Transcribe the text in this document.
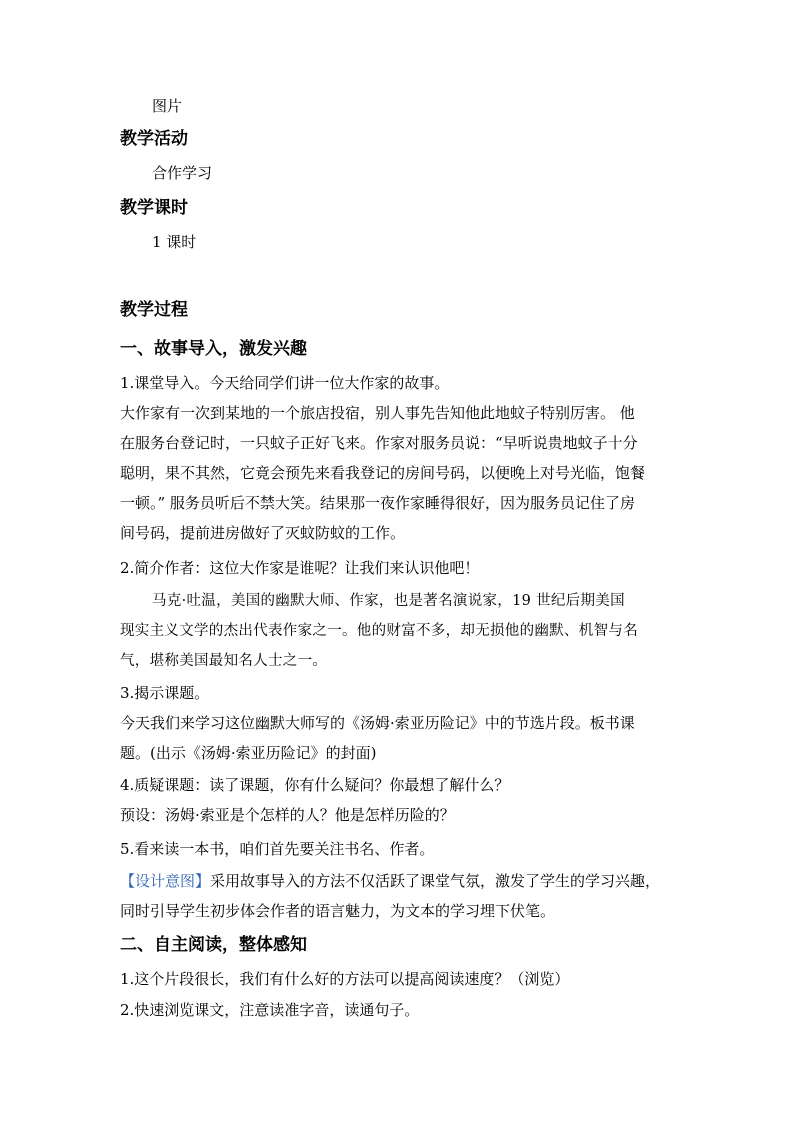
图片
教学活动
合作学习
教学课时
1 课时
教学过程
一、故事导入，激发兴趣
1.课堂导入。今天给同学们讲一位大作家的故事。
大作家有一次到某地的一个旅店投宿，别人事先告知他此地蚊子特别厉害。 他
在服务台登记时，一只蚊子正好飞来。作家对服务员说：“早听说贵地蚊子十分
聪明，果不其然，它竟会预先来看我登记的房间号码，以便晚上对号光临，饱餐
一顿。” 服务员听后不禁大笑。结果那一夜作家睡得很好，因为服务员记住了房
间号码，提前进房做好了灭蚊防蚊的工作。
2.简介作者：这位大作家是谁呢？让我们来认识他吧！
马克·吐温，美国的幽默大师、作家，也是著名演说家，19 世纪后期美国
现实主义文学的杰出代表作家之一。他的财富不多，却无损他的幽默、机智与名
气，堪称美国最知名人士之一。
3.揭示课题。
今天我们来学习这位幽默大师写的《汤姆·索亚历险记》中的节选片段。板书课
题。(出示《汤姆·索亚历险记》的封面)
4.质疑课题：读了课题，你有什么疑问？你最想了解什么？
预设：汤姆·索亚是个怎样的人？他是怎样历险的？
5.看来读一本书，咱们首先要关注书名、作者。
【设计意图】采用故事导入的方法不仅活跃了课堂气氛，激发了学生的学习兴趣，
同时引导学生初步体会作者的语言魅力，为文本的学习埋下伏笔。
二、自主阅读，整体感知
1.这个片段很长，我们有什么好的方法可以提高阅读速度？（浏览）
2.快速浏览课文，注意读准字音，读通句子。
